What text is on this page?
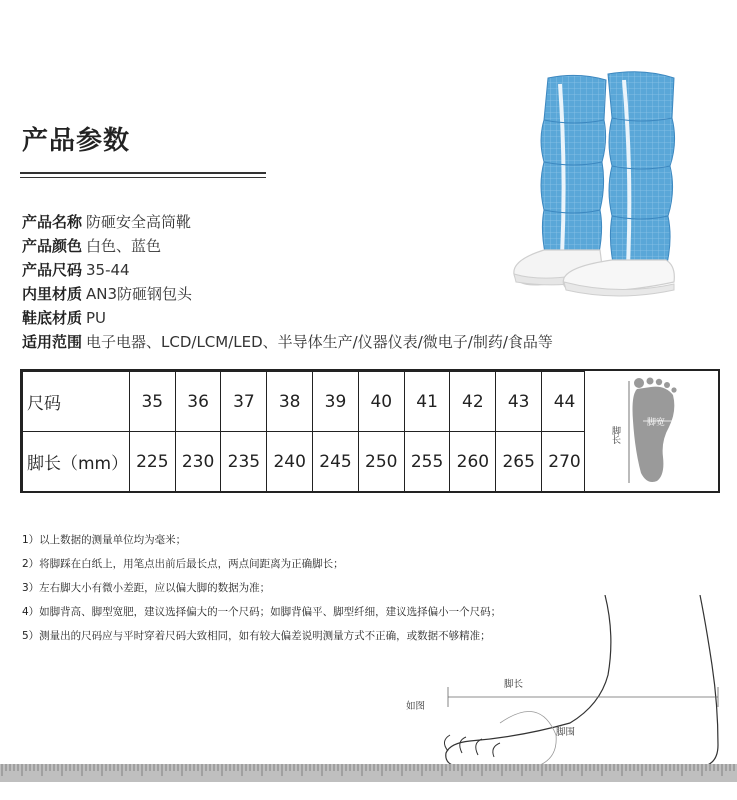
产品参数
产品名称 防砸安全高筒靴
产品颜色 白色、蓝色
产品尺码 35-44
内里材质 AN3防砸钢包头
鞋底材质 PU
适用范围 电子电器、LCD/LCM/LED、半导体生产/仪器仪表/微电子/制药/食品等
尺码	35	36	37	38	39	40	41	42	43	44
脚长（mm）	225	230	235	240	245	250	255	260	265	270
脚长
脚宽
1）以上数据的测量单位均为毫米；
2）将脚踩在白纸上，用笔点出前后最长点，两点间距离为正确脚长；
3）左右脚大小有微小差距，应以偏大脚的数据为准；
4）如脚背高、脚型宽肥，建议选择偏大的一个尺码；如脚背偏平、脚型纤细，建议选择偏小一个尺码；
5）测量出的尺码应与平时穿着尺码大致相同，如有较大偏差说明测量方式不正确，或数据不够精准；
脚长
如图
脚围
